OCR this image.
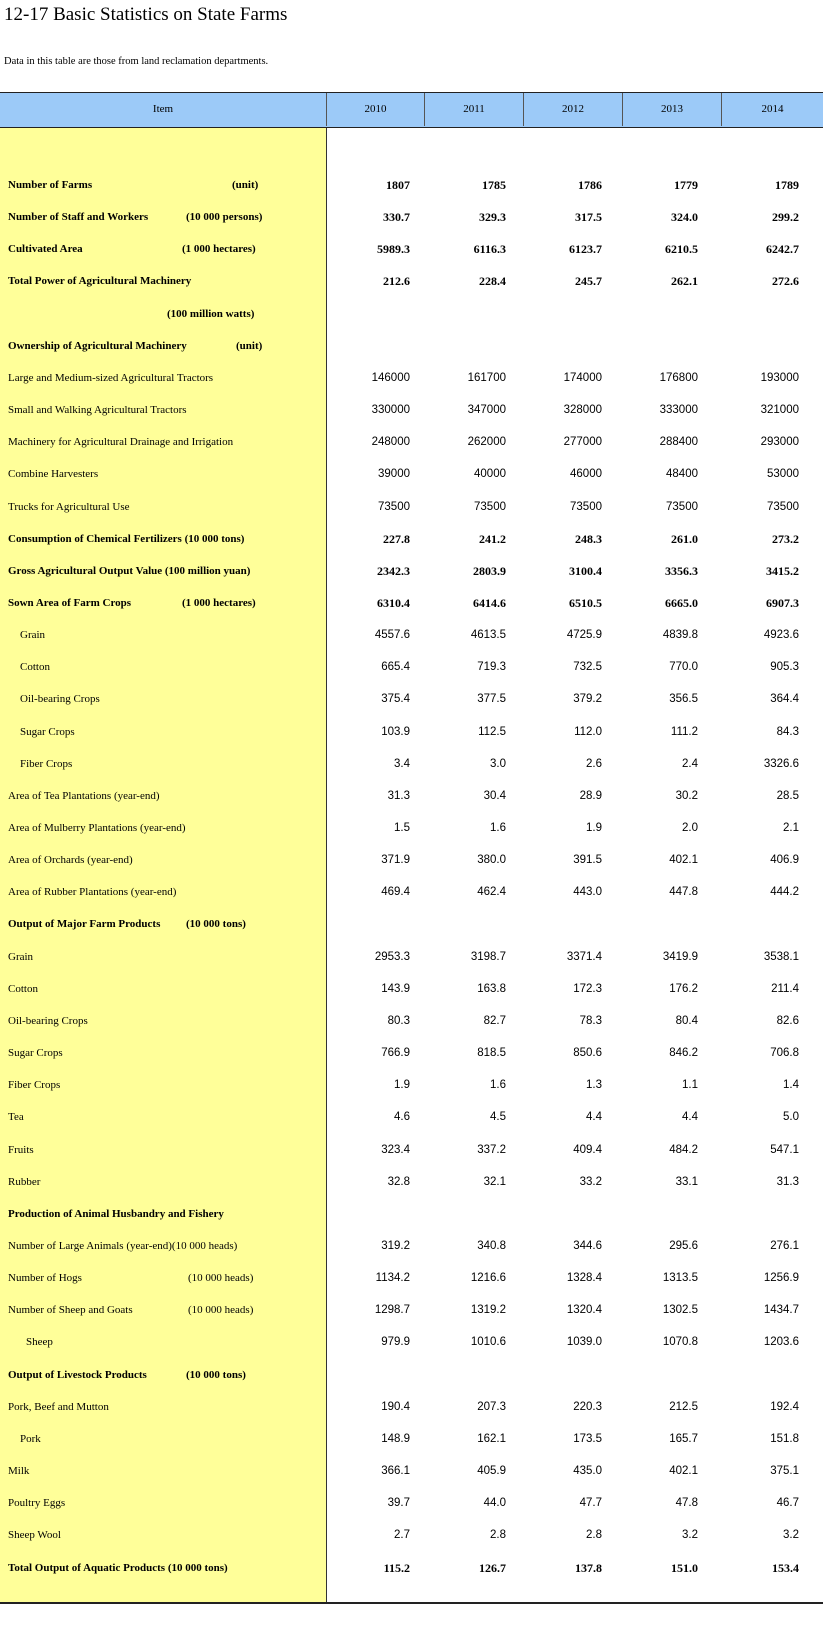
12-17 Basic Statistics on State Farms
Data in this table are those from land reclamation departments.
Item	2010	2011	2012	2013	2014
Number of Farms	(unit)	1807	1785	1786	1779	1789
Number of Staff and Workers	(10 000 persons)	330.7	329.3	317.5	324.0	299.2
Cultivated Area	(1 000 hectares)	5989.3	6116.3	6123.7	6210.5	6242.7
Total Power of Agricultural Machinery	212.6	228.4	245.7	262.1	272.6
(100 million watts)
Ownership of Agricultural Machinery	(unit)
Large and Medium-sized Agricultural Tractors	146000	161700	174000	176800	193000
Small and Walking Agricultural Tractors	330000	347000	328000	333000	321000
Machinery for Agricultural Drainage and Irrigation	248000	262000	277000	288400	293000
Combine Harvesters	39000	40000	46000	48400	53000
Trucks for Agricultural Use	73500	73500	73500	73500	73500
Consumption of Chemical Fertilizers (10 000 tons)	227.8	241.2	248.3	261.0	273.2
Gross Agricultural Output Value (100 million yuan)	2342.3	2803.9	3100.4	3356.3	3415.2
Sown Area of Farm Crops	(1 000 hectares)	6310.4	6414.6	6510.5	6665.0	6907.3
Grain	4557.6	4613.5	4725.9	4839.8	4923.6
Cotton	665.4	719.3	732.5	770.0	905.3
Oil-bearing Crops	375.4	377.5	379.2	356.5	364.4
Sugar Crops	103.9	112.5	112.0	111.2	84.3
Fiber Crops	3.4	3.0	2.6	2.4	3326.6
Area of Tea Plantations (year-end)	31.3	30.4	28.9	30.2	28.5
Area of Mulberry Plantations (year-end)	1.5	1.6	1.9	2.0	2.1
Area of Orchards (year-end)	371.9	380.0	391.5	402.1	406.9
Area of Rubber Plantations (year-end)	469.4	462.4	443.0	447.8	444.2
Output of Major Farm Products (10 000 tons)
Grain	2953.3	3198.7	3371.4	3419.9	3538.1
Cotton	143.9	163.8	172.3	176.2	211.4
Oil-bearing Crops	80.3	82.7	78.3	80.4	82.6
Sugar Crops	766.9	818.5	850.6	846.2	706.8
Fiber Crops	1.9	1.6	1.3	1.1	1.4
Tea	4.6	4.5	4.4	4.4	5.0
Fruits	323.4	337.2	409.4	484.2	547.1
Rubber	32.8	32.1	33.2	33.1	31.3
Production of Animal Husbandry and Fishery
Number of Large Animals (year-end)(10 000 heads)	319.2	340.8	344.6	295.6	276.1
Number of Hogs	(10 000 heads)	1134.2	1216.6	1328.4	1313.5	1256.9
Number of Sheep and Goats	(10 000 heads)	1298.7	1319.2	1320.4	1302.5	1434.7
Sheep	979.9	1010.6	1039.0	1070.8	1203.6
Output of Livestock Products	(10 000 tons)
Pork, Beef and Mutton	190.4	207.3	220.3	212.5	192.4
Pork	148.9	162.1	173.5	165.7	151.8
Milk	366.1	405.9	435.0	402.1	375.1
Poultry Eggs	39.7	44.0	47.7	47.8	46.7
Sheep Wool	2.7	2.8	2.8	3.2	3.2
Total Output of Aquatic Products (10 000 tons)	115.2	126.7	137.8	151.0	153.4
